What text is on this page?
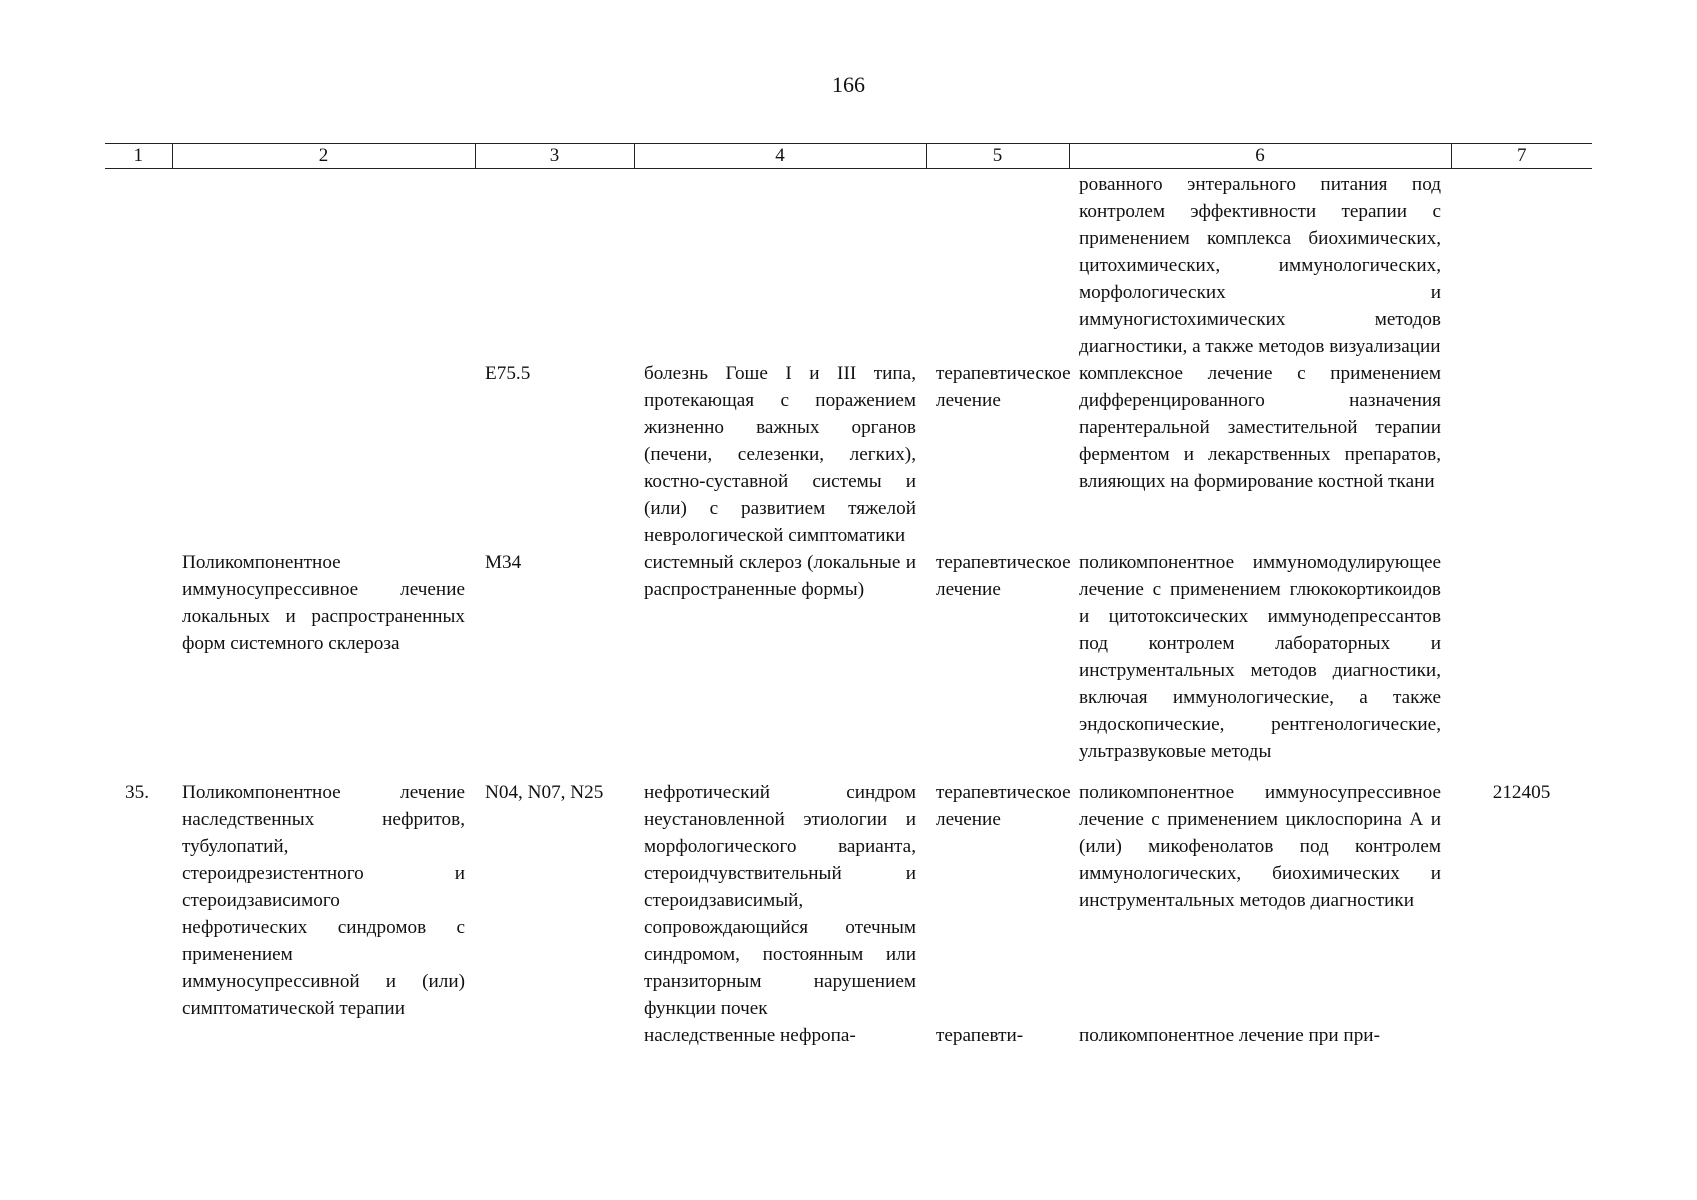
166
1	2	3	4	5	6	7
					рованного энтерального питания под контролем эффективности терапии с применением комплекса биохимических, цитохимических, иммунологических, морфологических и иммуногистохимических методов диагностики, а также методов визуализации	
		E75.5	болезнь Гоше I и III типа, протекающая с поражением жизненно важных органов (печени, селезенки, легких), костно-суставной системы и (или) с развитием тяжелой неврологической симптоматики	терапевтическое лечение	комплексное лечение с применением дифференцированного назначения парентеральной заместительной терапии ферментом и лекарственных препаратов, влияющих на формирование костной ткани	
	Поликомпонентное иммуносупрессивное лечение локальных и распространенных форм системного склероза	M34	системный склероз (локальные и распространенные формы)	терапевтическое лечение	поликомпонентное иммуномодулирующее лечение с применением глюкокортикоидов и цитотоксических иммунодепрессантов под контролем лабораторных и инструментальных методов диагностики, включая иммунологические, а также эндоскопические, рентгенологические, ультразвуковые методы	

35.	Поликомпонентное лечение наследственных нефритов, тубулопатий, стероидрезистентного и стероидзависимого нефротических синдромов с применением иммуносупрессивной и (или) симптоматической терапии	N04, N07, N25	нефротический синдром неустановленной этиологии и морфологического варианта, стероидчувствительный и стероидзависимый, сопровождающийся отечным синдромом, постоянным или транзиторным нарушением функции почек	терапевтическое лечение	поликомпонентное иммуносупрессивное лечение с применением циклоспорина А и (или) микофенолатов под контролем иммунологических, биохимических и инструментальных методов диагностики	212405
			наследственные нефропа-	терапевти-	поликомпонентное лечение при при-	
